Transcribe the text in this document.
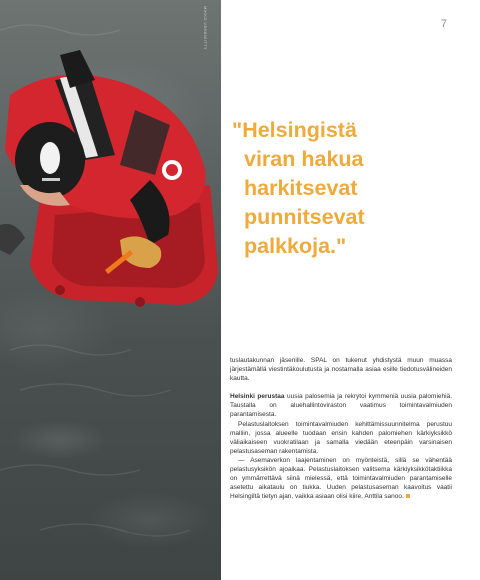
MIKKO VÄHÄNIITTY	7
"Helsingistä
viran hakua
harkitsevat
punnitsevat
palkkoja."

tuslautakunnan jäsenille. SPAL on tukenut yhdistystä muun muassa järjestämällä viestintäkoulutusta ja nostamalla asiaa esille tiedotusvälineiden kautta.

Helsinki perustaa uusia palosemia ja rekrytoi kymmeniä uusia palomiehiä. Taustalla on aluehallintoviraston vaatimus toimintavalmiuden parantamisesta.

Pelastuslaitoksen toimintavalmiuden kehittämissuunnitelma perustuu malliin, jossa alueelle tuodaan ensin kahden palomiehen kärkiyksikkö väliaikaiseen vuokratilaan ja samalla viedään eteenpäin varsinaisen pelastusaseman rakentamista.

— Asemaverkon laajentaminen on myönteistä, sillä se vähentää pelastusyksikön ajoaikaa. Pelastuslaitoksen valitsema kärkiyksikkötaktiikka on ymmärrettävä siinä mielessä, että toimintavalmiuden parantamiselle asetettu aikataulu on tiukka. Uuden pelastusaseman kaavoitus vaatii Helsingiltä tietyn ajan, vaikka asiaan olisi kiire, Anttila sanoo.
